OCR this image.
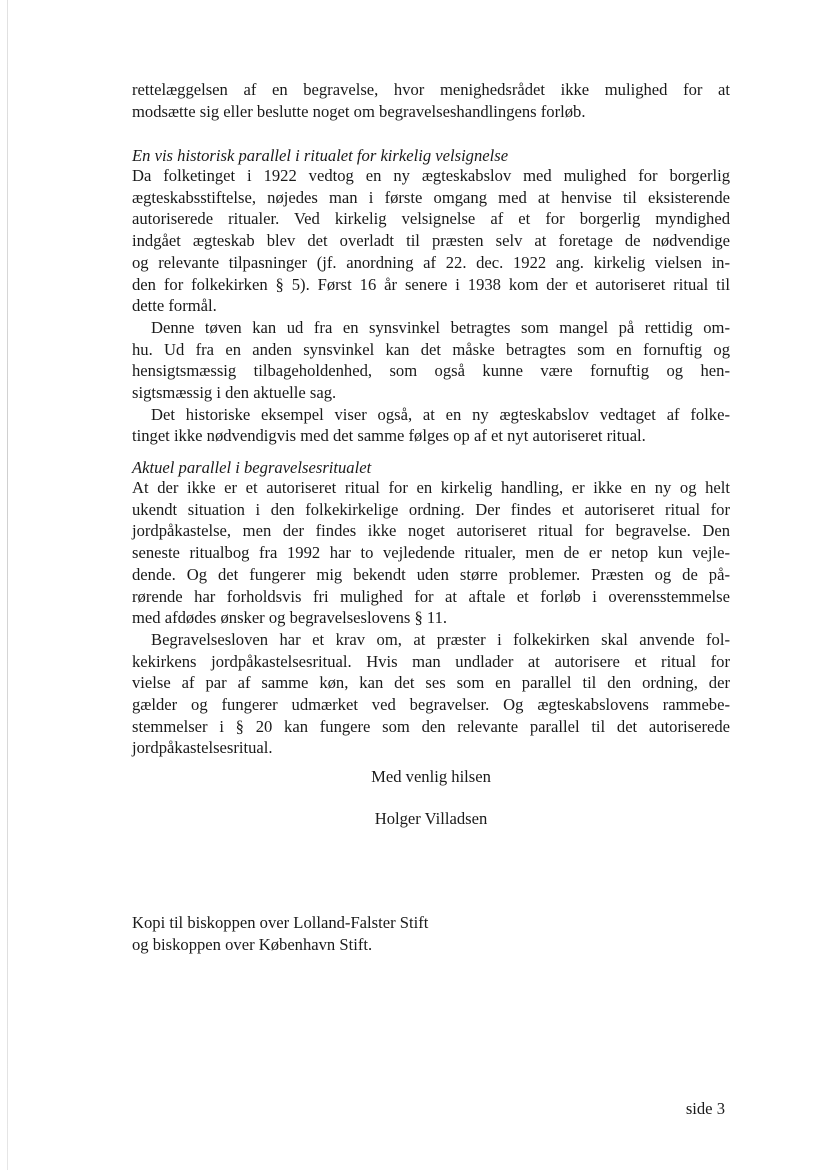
rettelæggelsen af en begravelse, hvor menighedsrådet ikke mulighed for at
modsætte sig eller beslutte noget om begravelseshandlingens forløb.
En vis historisk parallel i ritualet for kirkelig velsignelse
Da folketinget i 1922 vedtog en ny ægteskabslov med mulighed for borgerlig
ægteskabsstiftelse, nøjedes man i første omgang med at henvise til eksisterende
autoriserede ritualer. Ved kirkelig velsignelse af et for borgerlig myndighed
indgået ægteskab blev det overladt til præsten selv at foretage de nødvendige
og relevante tilpasninger (jf. anordning af 22. dec. 1922 ang. kirkelig vielsen in-
den for folkekirken § 5). Først 16 år senere i 1938 kom der et autoriseret ritual til
dette formål.
Denne tøven kan ud fra en synsvinkel betragtes som mangel på rettidig om-
hu. Ud fra en anden synsvinkel kan det måske betragtes som en fornuftig og
hensigtsmæssig tilbageholdenhed, som også kunne være fornuftig og hen-
sigtsmæssig i den aktuelle sag.
Det historiske eksempel viser også, at en ny ægteskabslov vedtaget af folke-
tinget ikke nødvendigvis med det samme følges op af et nyt autoriseret ritual.
Aktuel parallel i begravelsesritualet
At der ikke er et autoriseret ritual for en kirkelig handling, er ikke en ny og helt
ukendt situation i den folkekirkelige ordning. Der findes et autoriseret ritual for
jordpåkastelse, men der findes ikke noget autoriseret ritual for begravelse. Den
seneste ritualbog fra 1992 har to vejledende ritualer, men de er netop kun vejle-
dende. Og det fungerer mig bekendt uden større problemer. Præsten og de på-
rørende har forholdsvis fri mulighed for at aftale et forløb i overensstemmelse
med afdødes ønsker og begravelseslovens § 11.
Begravelsesloven har et krav om, at præster i folkekirken skal anvende fol-
kekirkens jordpåkastelsesritual. Hvis man undlader at autorisere et ritual for
vielse af par af samme køn, kan det ses som en parallel til den ordning, der
gælder og fungerer udmærket ved begravelser. Og ægteskabslovens rammebe-
stemmelser i § 20 kan fungere som den relevante parallel til det autoriserede
jordpåkastelsesritual.
Med venlig hilsen
Holger Villadsen
Kopi til biskoppen over Lolland-Falster Stift
og biskoppen over København Stift.
side 3
